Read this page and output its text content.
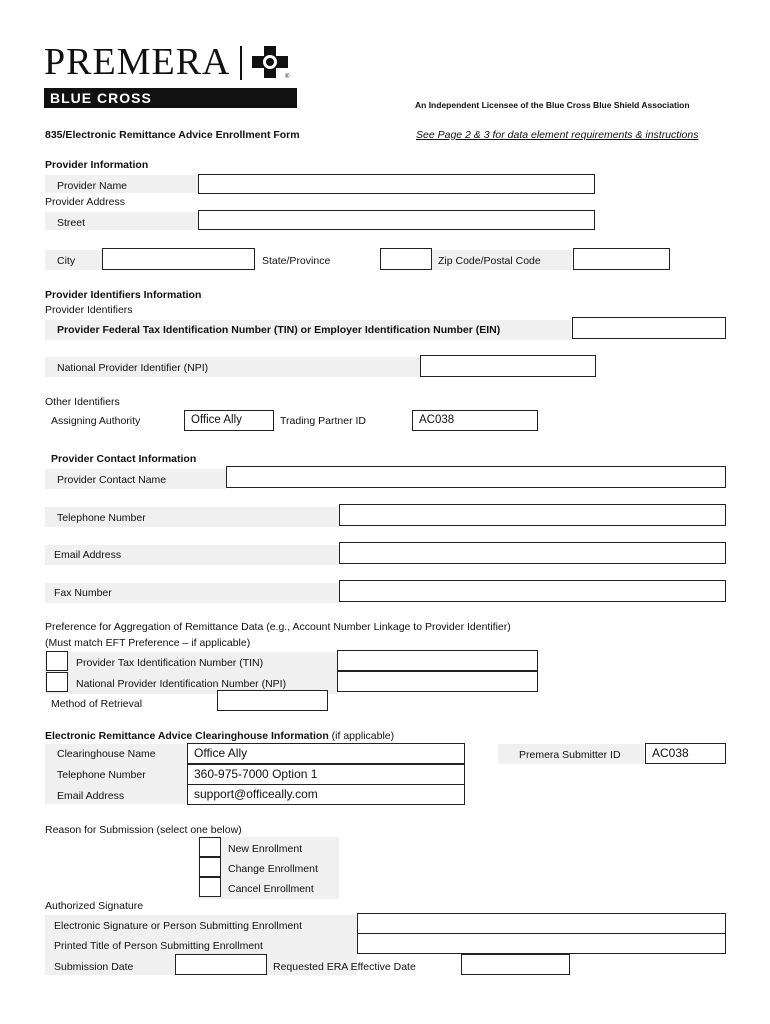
PREMERA	®
BLUE CROSS	An Independent Licensee of the Blue Cross Blue Shield Association
835/Electronic Remittance Advice Enrollment Form	See Page 2 & 3 for data element requirements & instructions
Provider Information
Provider Name
Provider Address
Street
City	State/Province	Zip Code/Postal Code
Provider Identifiers Information
Provider Identifiers
Provider Federal Tax Identification Number (TIN) or Employer Identification Number (EIN)
National Provider Identifier (NPI)
Other Identifiers
Assigning Authority	Office Ally	Trading Partner ID	AC038
Provider Contact Information
Provider Contact Name
Telephone Number
Email Address
Fax Number
Preference for Aggregation of Remittance Data (e.g., Account Number Linkage to Provider Identifier)
(Must match EFT Preference – if applicable)
Provider Tax Identification Number (TIN)
National Provider Identification Number (NPI)
Method of Retrieval
Electronic Remittance Advice Clearinghouse Information (if applicable)
Clearinghouse Name	Office Ally
Telephone Number	360-975-7000 Option 1
Email Address	support@officeally.com
Premera Submitter ID	AC038
Reason for Submission (select one below)
New Enrollment
Change Enrollment
Cancel Enrollment
Authorized Signature
Electronic Signature or Person Submitting Enrollment
Printed Title of Person Submitting Enrollment
Submission Date	Requested ERA Effective Date
